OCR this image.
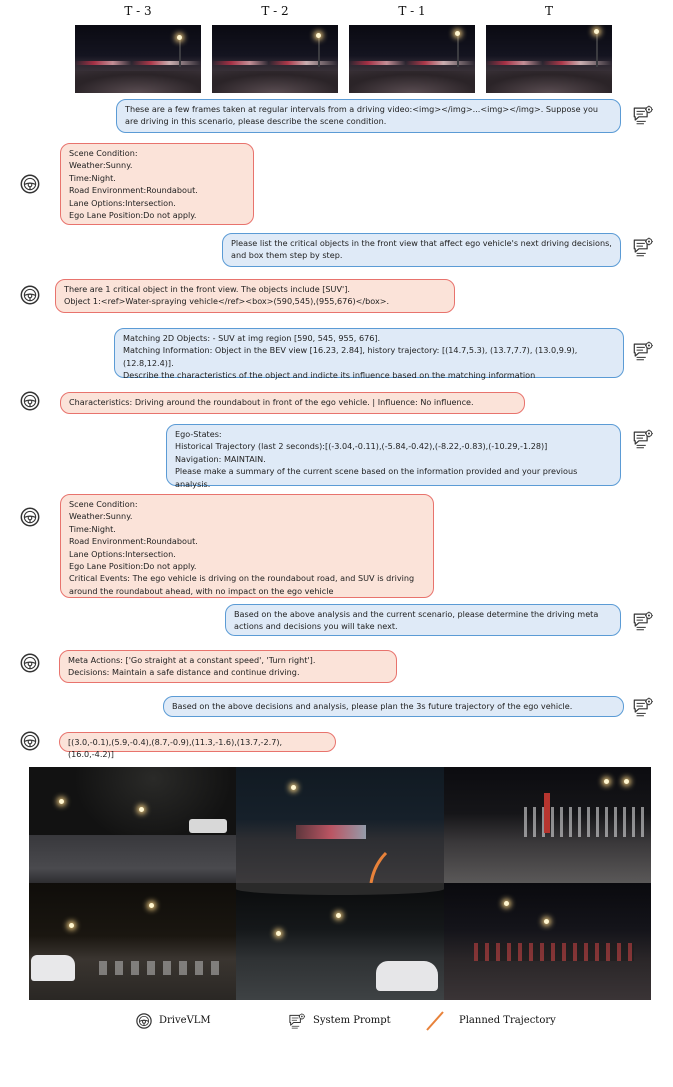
T - 3	T - 2	T - 1	T
These are a few frames taken at regular intervals from a driving video:<img></img>...<img></img>. Suppose you are driving in this scenario, please describe the scene condition.
Scene Condition:
Weather:Sunny.
Time:Night.
Road Environment:Roundabout.
Lane Options:Intersection.
Ego Lane Position:Do not apply.
Please list the critical objects in the front view that affect ego vehicle's next driving decisions, and box them step by step.
There are 1 critical object in the front view. The objects include [SUV'].
Object 1:<ref>Water-spraying vehicle</ref><box>(590,545),(955,676)</box>.
Matching 2D Objects: - SUV at img region [590, 545, 955, 676].
Matching Information: Object in the BEV view [16.23, 2.84], history trajectory: [(14.7,5.3), (13.7,7.7), (13.0,9.9), (12.8,12.4)].
Describe the characteristics of the object and indicte its influence based on the matching information
Characteristics: Driving around the roundabout in front of the ego vehicle. | Influence: No influence.
Ego-States:
Historical Trajectory (last 2 seconds):[(-3.04,-0.11),(-5.84,-0.42),(-8.22,-0.83),(-10.29,-1.28)]
Navigation: MAINTAIN.
Please make a summary of the current scene based on the information provided and your previous analysis.
Scene Condition:
Weather:Sunny.
Time:Night.
Road Environment:Roundabout.
Lane Options:Intersection.
Ego Lane Position:Do not apply.
Critical Events: The ego vehicle is driving on the roundabout road, and SUV is driving around the roundabout ahead, with no impact on the ego vehicle
Based on the above analysis and the current scenario, please determine the driving meta actions and decisions you will take next.
Meta Actions: ['Go straight at a constant speed', 'Turn right'].
Decisions: Maintain a safe distance and continue driving.
Based on the above decisions and analysis, please plan the 3s future trajectory of the ego vehicle.
[(3.0,-0.1),(5.9,-0.4),(8.7,-0.9),(11.3,-1.6),(13.7,-2.7),(16.0,-4.2)]
DriveVLM	System Prompt	Planned Trajectory
